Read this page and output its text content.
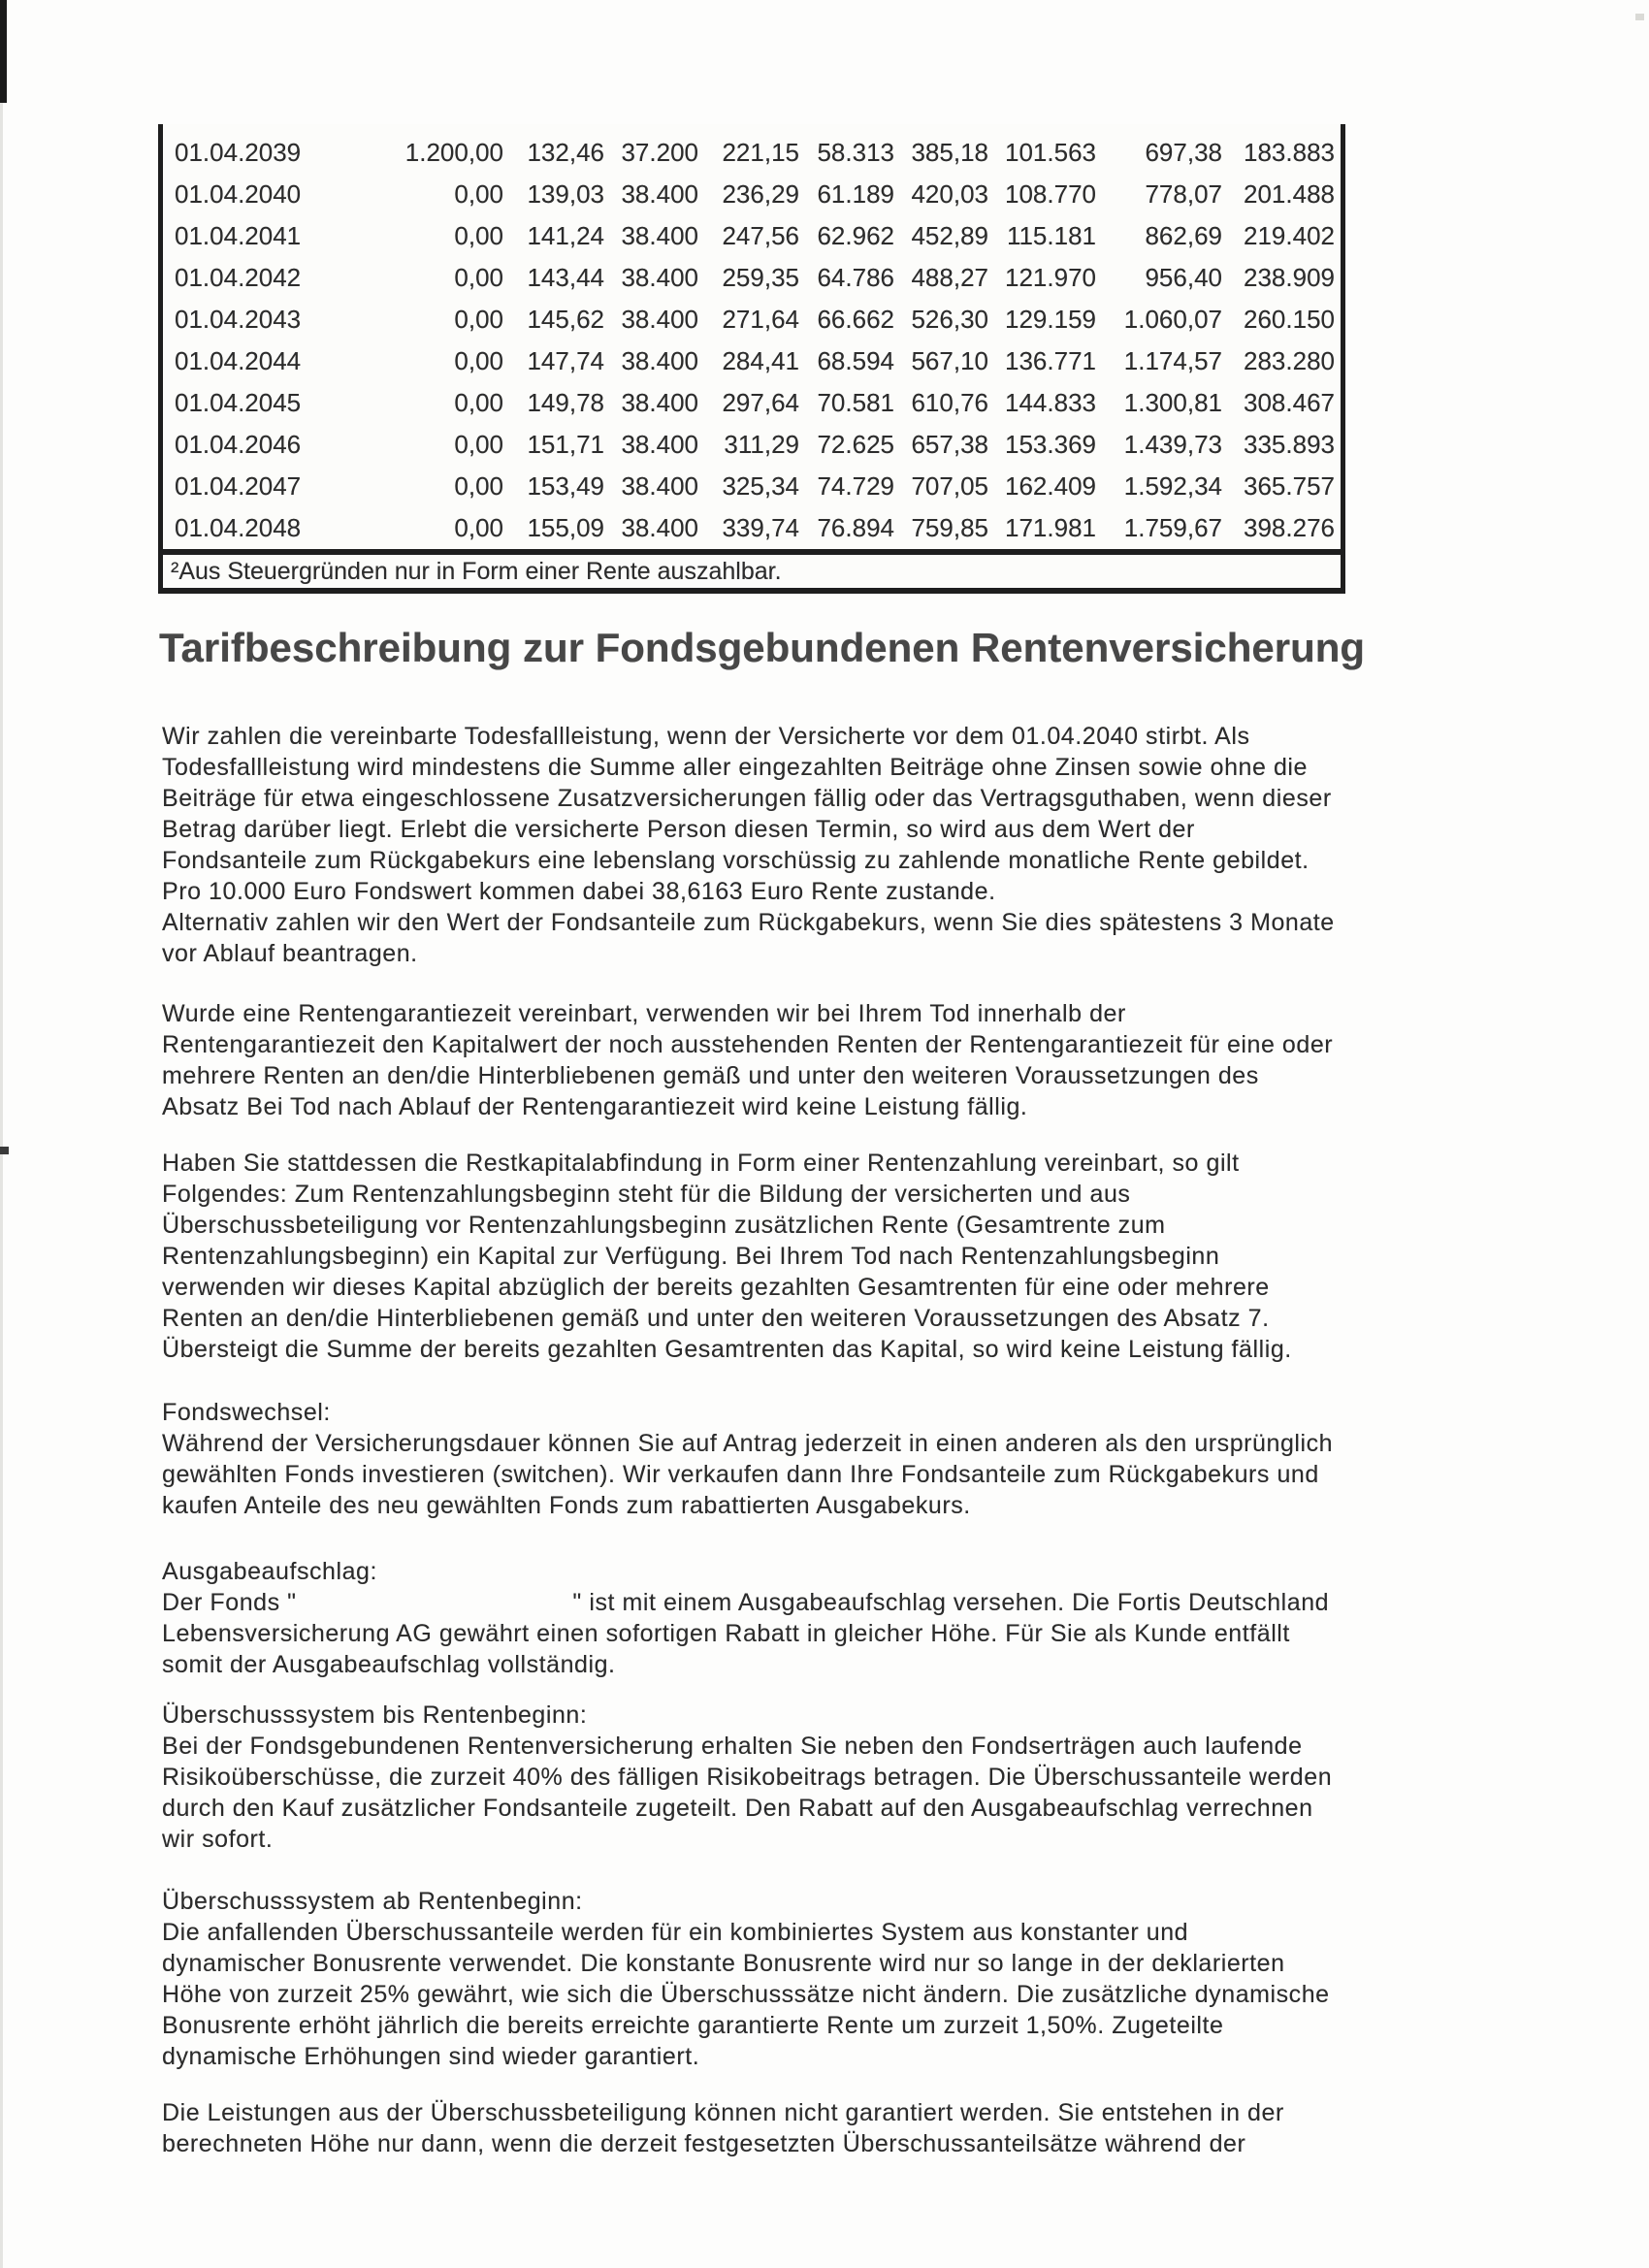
01.04.2039	1.200,00	132,46	37.200	221,15	58.313	385,18	101.563	697,38	183.883
01.04.2040	0,00	139,03	38.400	236,29	61.189	420,03	108.770	778,07	201.488
01.04.2041	0,00	141,24	38.400	247,56	62.962	452,89	115.181	862,69	219.402
01.04.2042	0,00	143,44	38.400	259,35	64.786	488,27	121.970	956,40	238.909
01.04.2043	0,00	145,62	38.400	271,64	66.662	526,30	129.159	1.060,07	260.150
01.04.2044	0,00	147,74	38.400	284,41	68.594	567,10	136.771	1.174,57	283.280
01.04.2045	0,00	149,78	38.400	297,64	70.581	610,76	144.833	1.300,81	308.467
01.04.2046	0,00	151,71	38.400	311,29	72.625	657,38	153.369	1.439,73	335.893
01.04.2047	0,00	153,49	38.400	325,34	74.729	707,05	162.409	1.592,34	365.757
01.04.2048	0,00	155,09	38.400	339,74	76.894	759,85	171.981	1.759,67	398.276
²Aus Steuergründen nur in Form einer Rente auszahlbar.
Tarifbeschreibung zur Fondsgebundenen Rentenversicherung
Wir zahlen die vereinbarte Todesfallleistung, wenn der Versicherte vor dem 01.04.2040 stirbt. Als
Todesfallleistung wird mindestens die Summe aller eingezahlten Beiträge ohne Zinsen sowie ohne die
Beiträge für etwa eingeschlossene Zusatzversicherungen fällig oder das Vertragsguthaben, wenn dieser
Betrag darüber liegt. Erlebt die versicherte Person diesen Termin, so wird aus dem Wert der
Fondsanteile zum Rückgabekurs eine lebenslang vorschüssig zu zahlende monatliche Rente gebildet.
Pro 10.000 Euro Fondswert kommen dabei 38,6163 Euro Rente zustande.
Alternativ zahlen wir den Wert der Fondsanteile zum Rückgabekurs, wenn Sie dies spätestens 3 Monate
vor Ablauf beantragen.
Wurde eine Rentengarantiezeit vereinbart, verwenden wir bei Ihrem Tod innerhalb der
Rentengarantiezeit den Kapitalwert der noch ausstehenden Renten der Rentengarantiezeit für eine oder
mehrere Renten an den/die Hinterbliebenen gemäß und unter den weiteren Voraussetzungen des
Absatz Bei Tod nach Ablauf der Rentengarantiezeit wird keine Leistung fällig.
Haben Sie stattdessen die Restkapitalabfindung in Form einer Rentenzahlung vereinbart, so gilt
Folgendes: Zum Rentenzahlungsbeginn steht für die Bildung der versicherten und aus
Überschussbeteiligung vor Rentenzahlungsbeginn zusätzlichen Rente (Gesamtrente zum
Rentenzahlungsbeginn) ein Kapital zur Verfügung. Bei Ihrem Tod nach Rentenzahlungsbeginn
verwenden wir dieses Kapital abzüglich der bereits gezahlten Gesamtrenten für eine oder mehrere
Renten an den/die Hinterbliebenen gemäß und unter den weiteren Voraussetzungen des Absatz 7.
Übersteigt die Summe der bereits gezahlten Gesamtrenten das Kapital, so wird keine Leistung fällig.
Fondswechsel:
Während der Versicherungsdauer können Sie auf Antrag jederzeit in einen anderen als den ursprünglich
gewählten Fonds investieren (switchen). Wir verkaufen dann Ihre Fondsanteile zum Rückgabekurs und
kaufen Anteile des neu gewählten Fonds zum rabattierten Ausgabekurs.
Ausgabeaufschlag:
Der Fonds "                                      " ist mit einem Ausgabeaufschlag versehen. Die Fortis Deutschland
Lebensversicherung AG gewährt einen sofortigen Rabatt in gleicher Höhe. Für Sie als Kunde entfällt
somit der Ausgabeaufschlag vollständig.
Überschusssystem bis Rentenbeginn:
Bei der Fondsgebundenen Rentenversicherung erhalten Sie neben den Fondserträgen auch laufende
Risikoüberschüsse, die zurzeit 40% des fälligen Risikobeitrags betragen. Die Überschussanteile werden
durch den Kauf zusätzlicher Fondsanteile zugeteilt. Den Rabatt auf den Ausgabeaufschlag verrechnen
wir sofort.
Überschusssystem ab Rentenbeginn:
Die anfallenden Überschussanteile werden für ein kombiniertes System aus konstanter und
dynamischer Bonusrente verwendet. Die konstante Bonusrente wird nur so lange in der deklarierten
Höhe von zurzeit 25% gewährt, wie sich die Überschusssätze nicht ändern. Die zusätzliche dynamische
Bonusrente erhöht jährlich die bereits erreichte garantierte Rente um zurzeit 1,50%. Zugeteilte
dynamische Erhöhungen sind wieder garantiert.
Die Leistungen aus der Überschussbeteiligung können nicht garantiert werden. Sie entstehen in der
berechneten Höhe nur dann, wenn die derzeit festgesetzten Überschussanteilsätze während der
